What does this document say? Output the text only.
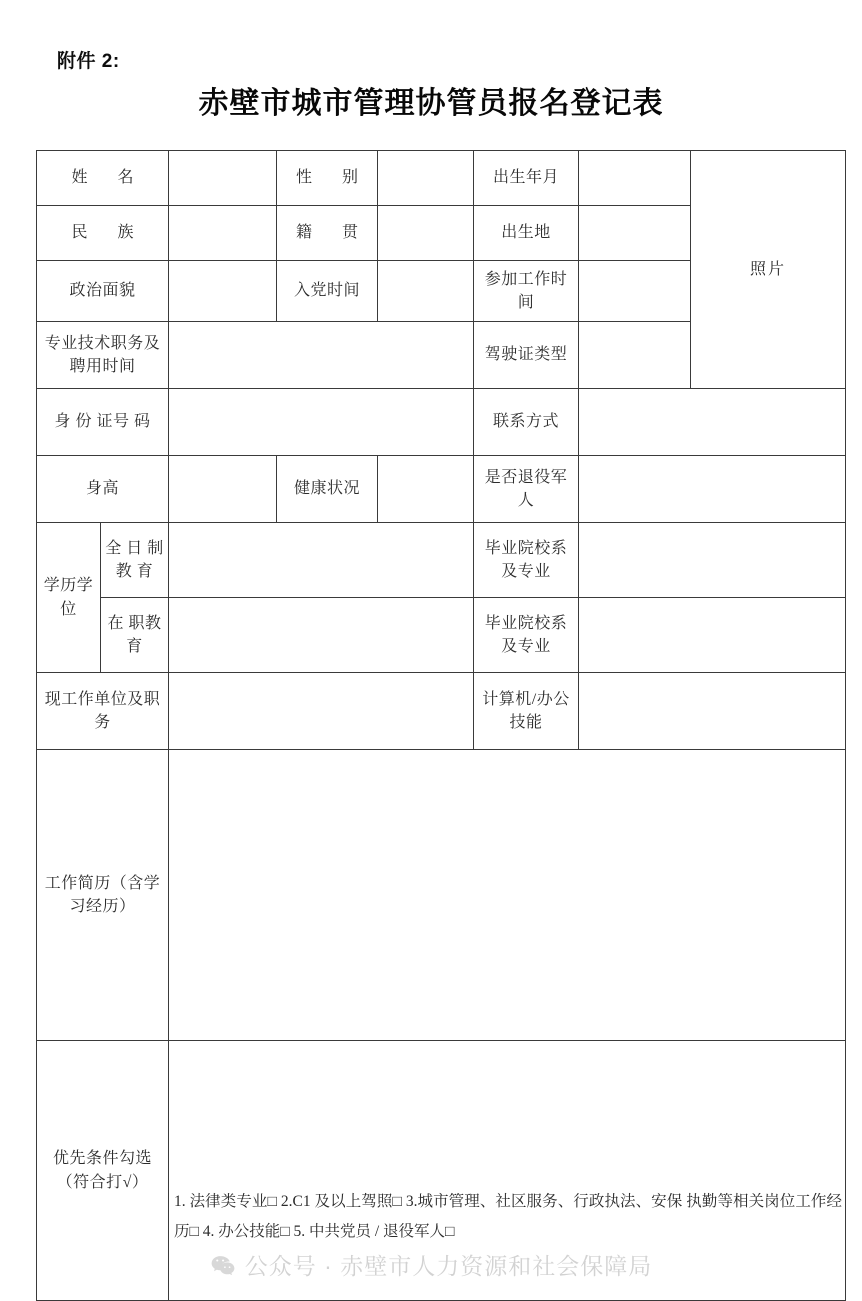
附件 2:
赤壁市城市管理协管员报名登记表
姓 名			性 别		出生年月		照片
民 族			籍 贯		出生地		
政治面貌			入党时间		参加工作时间		
专业技术职务及聘用时间					驾驶证类型		
身 份 证号 码					联系方式		
身高			健康状况		是否退役军人		
学历学位	全 日 制教 育				毕业院校系及专业		
	在 职教 育				毕业院校系及专业		
现工作单位及职务					计算机/办公技能		
工作简历（含学习经历）							
优先条件勾选（符合打√）		1. 法律类专业□ 2.C1 及以上驾照□ 3.城市管理、社区服务、行政执法、安保 执勤等相关岗位工作经历□ 4. 办公技能□ 5. 中共党员 / 退役军人□					
公众号 · 赤壁市人力资源和社会保障局
